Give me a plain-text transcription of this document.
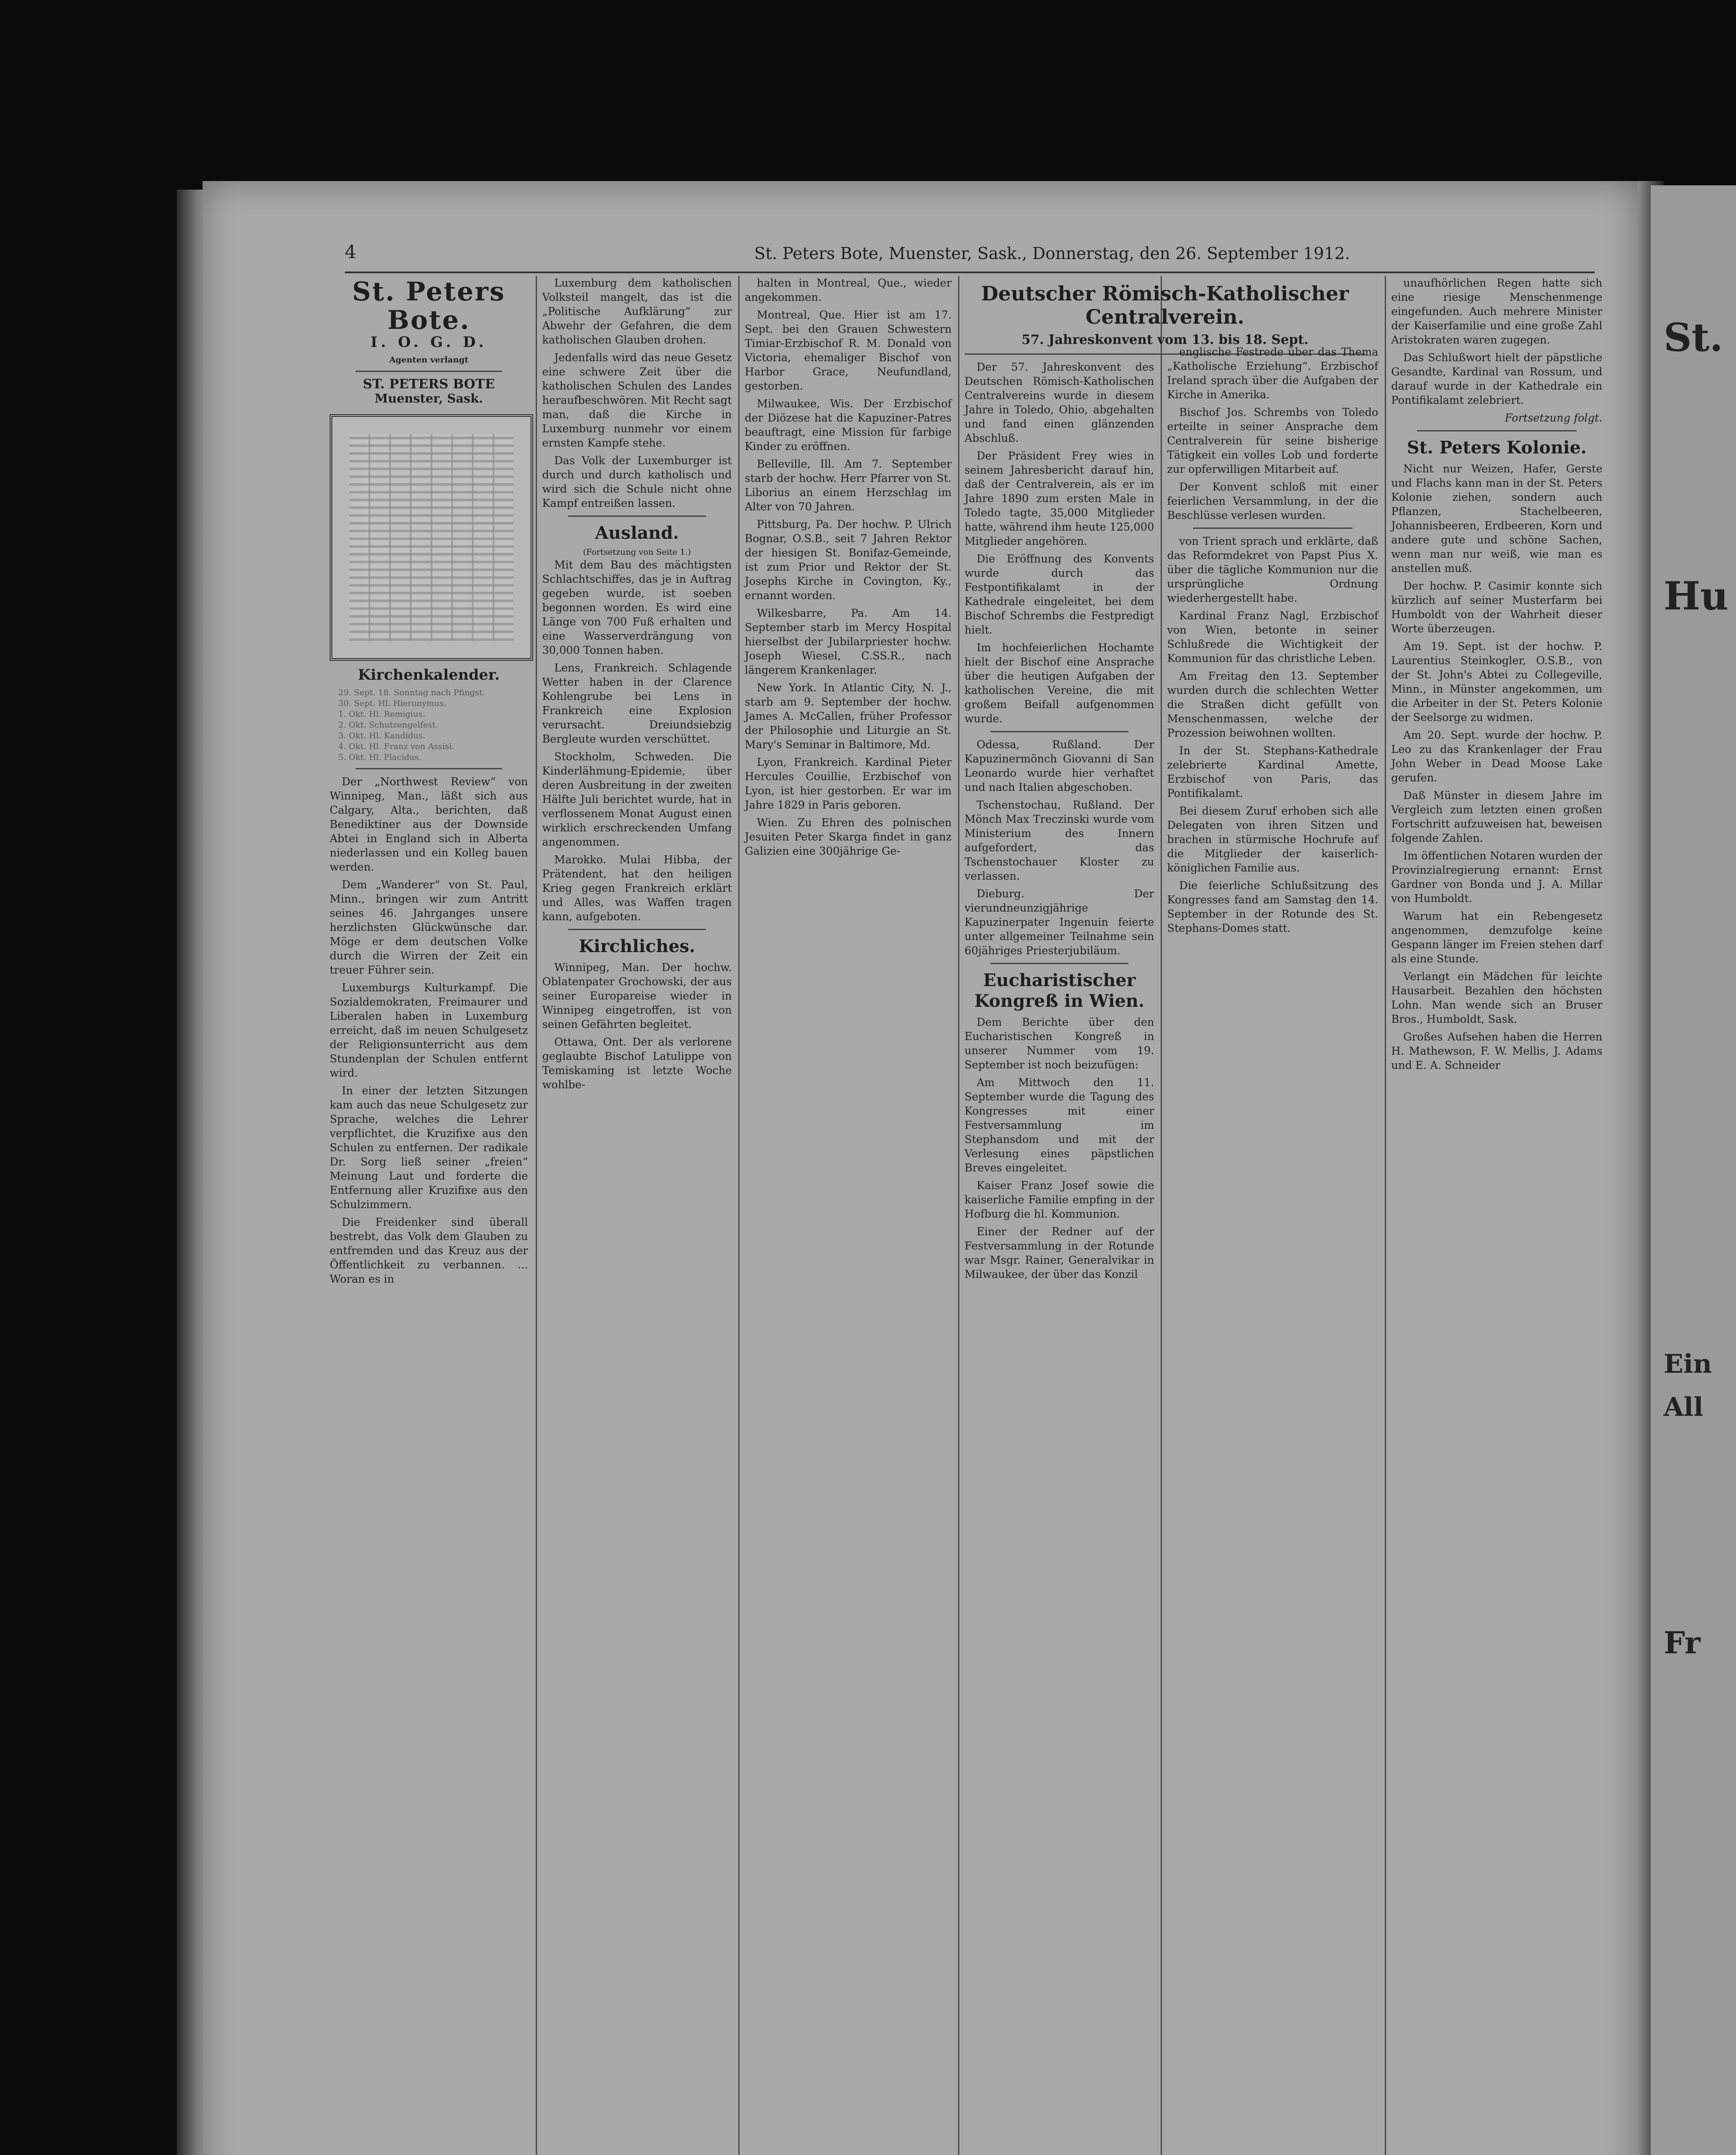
St.
Hu
Ein
All
Fr
4	St. Peters Bote, Muenster, Sask., Donnerstag, den 26. September 1912.
St. Peters Bote.
I. O. G. D.
Agenten verlangt
ST. PETERS BOTE
Muenster, Sask.
Kirchenkalender.
29. Sept. 18. Sonntag nach Pfingst.
30. Sept. Hl. Hieronymus.
1. Okt. Hl. Remigius.
2. Okt. Schutzengelfest.
3. Okt. Hl. Kandidus.
4. Okt. Hl. Franz von Assisi.
5. Okt. Hl. Placidus.

Der „Northwest Review“ von Winnipeg, Man., läßt sich aus Calgary, Alta., berichten, daß Benediktiner aus der Downside Abtei in England sich in Alberta niederlassen und ein Kolleg bauen werden.

Dem „Wanderer“ von St. Paul, Minn., bringen wir zum Antritt seines 46. Jahrganges unsere herzlichsten Glückwünsche dar. Möge er dem deutschen Volke durch die Wirren der Zeit ein treuer Führer sein.

Luxemburgs Kulturkampf. Die Sozialdemokraten, Freimaurer und Liberalen haben in Luxemburg erreicht, daß im neuen Schulgesetz der Religionsunterricht aus dem Stundenplan der Schulen entfernt wird.

In einer der letzten Sitzungen kam auch das neue Schulgesetz zur Sprache, welches die Lehrer verpflichtet, die Kruzifixe aus den Schulen zu entfernen. Der radikale Dr. Sorg ließ seiner „freien“ Meinung Laut und forderte die Entfernung aller Kruzifixe aus den Schulzimmern.

Die Freidenker sind überall bestrebt, das Volk dem Glauben zu entfremden und das Kreuz aus der Öffentlichkeit zu verbannen. ... Woran es in

Luxemburg dem katholischen Volksteil mangelt, das ist die „Politische Aufklärung“ zur Abwehr der Gefahren, die dem katholischen Glauben drohen.

Jedenfalls wird das neue Gesetz eine schwere Zeit über die katholischen Schulen des Landes heraufbeschwören. Mit Recht sagt man, daß die Kirche in Luxemburg nunmehr vor einem ernsten Kampfe stehe.

Das Volk der Luxemburger ist durch und durch katholisch und wird sich die Schule nicht ohne Kampf entreißen lassen.

Ausland.
(Fortsetzung von Seite 1.)

Mit dem Bau des mächtigsten Schlachtschiffes, das je in Auftrag gegeben wurde, ist soeben begonnen worden. Es wird eine Länge von 700 Fuß erhalten und eine Wasserverdrängung von 30,000 Tonnen haben.

Lens, Frankreich. Schlagende Wetter haben in der Clarence Kohlengrube bei Lens in Frankreich eine Explosion verursacht. Dreiundsiebzig Bergleute wurden verschüttet.

Stockholm, Schweden. Die Kinderlähmung-Epidemie, über deren Ausbreitung in der zweiten Hälfte Juli berichtet wurde, hat in verflossenem Monat August einen wirklich erschreckenden Umfang angenommen.

Marokko. Mulai Hibba, der Prätendent, hat den heiligen Krieg gegen Frankreich erklärt und Alles, was Waffen tragen kann, aufgeboten.

Kirchliches.

Winnipeg, Man. Der hochw. Oblatenpater Grochowski, der aus seiner Europareise wieder in Winnipeg eingetroffen, ist von seinen Gefährten begleitet.

Ottawa, Ont. Der als verlorene geglaubte Bischof Latulippe von Temiskaming ist letzte Woche wohlbe-

halten in Montreal, Que., wieder angekommen.

Montreal, Que. Hier ist am 17. Sept. bei den Grauen Schwestern Timiar-Erzbischof R. M. Donald von Victoria, ehemaliger Bischof von Harbor Grace, Neufundland, gestorben.

Milwaukee, Wis. Der Erzbischof der Diözese hat die Kapuziner-Patres beauftragt, eine Mission für farbige Kinder zu eröffnen.

Belleville, Ill. Am 7. September starb der hochw. Herr Pfarrer von St. Liborius an einem Herzschlag im Alter von 70 Jahren.

Pittsburg, Pa. Der hochw. P. Ulrich Bognar, O.S.B., seit 7 Jahren Rektor der hiesigen St. Bonifaz-Gemeinde, ist zum Prior und Rektor der St. Josephs Kirche in Covington, Ky., ernannt worden.

Wilkesbarre, Pa. Am 14. September starb im Mercy Hospital hierselbst der Jubilarpriester hochw. Joseph Wiesel, C.SS.R., nach längerem Krankenlager.

New York. In Atlantic City, N. J., starb am 9. September der hochw. James A. McCallen, früher Professor der Philosophie und Liturgie an St. Mary's Seminar in Baltimore, Md.

Lyon, Frankreich. Kardinal Pieter Hercules Couillie, Erzbischof von Lyon, ist hier gestorben. Er war im Jahre 1829 in Paris geboren.

Wien. Zu Ehren des polnischen Jesuiten Peter Skarga findet in ganz Galizien eine 300jährige Ge-

Deutscher Römisch-Katholischer Centralverein.
57. Jahreskonvent vom 13. bis 18. Sept.

Der 57. Jahreskonvent des Deutschen Römisch-Katholischen Centralvereins wurde in diesem Jahre in Toledo, Ohio, abgehalten und fand einen glänzenden Abschluß.

Der Präsident Frey wies in seinem Jahresbericht darauf hin, daß der Centralverein, als er im Jahre 1890 zum ersten Male in Toledo tagte, 35,000 Mitglieder hatte, während ihm heute 125,000 Mitglieder angehören.

Die Eröffnung des Konvents wurde durch das Festpontifikalamt in der Kathedrale eingeleitet, bei dem Bischof Schrembs die Festpredigt hielt.

Im hochfeierlichen Hochamte hielt der Bischof eine Ansprache über die heutigen Aufgaben der katholischen Vereine, die mit großem Beifall aufgenommen wurde.

Odessa, Rußland. Der Kapuzinermönch Giovanni di San Leonardo wurde hier verhaftet und nach Italien abgeschoben.

Tschenstochau, Rußland. Der Mönch Max Treczinski wurde vom Ministerium des Innern aufgefordert, das Tschenstochauer Kloster zu verlassen.

Dieburg. Der vierundneunzigjährige Kapuzinerpater Ingenuin feierte unter allgemeiner Teilnahme sein 60jähriges Priesterjubiläum.

Eucharistischer Kongreß in Wien.

Dem Berichte über den Eucharistischen Kongreß in unserer Nummer vom 19. September ist noch beizufügen:

Am Mittwoch den 11. September wurde die Tagung des Kongresses mit einer Festversammlung im Stephansdom und mit der Verlesung eines päpstlichen Breves eingeleitet.

Kaiser Franz Josef sowie die kaiserliche Familie empfing in der Hofburg die hl. Kommunion.

Einer der Redner auf der Festversammlung in der Rotunde war Msgr. Rainer, Generalvikar in Milwaukee, der über das Konzil

englische Festrede über das Thema „Katholische Erziehung“. Erzbischof Ireland sprach über die Aufgaben der Kirche in Amerika.

Bischof Jos. Schrembs von Toledo erteilte in seiner Ansprache dem Centralverein für seine bisherige Tätigkeit ein volles Lob und forderte zur opferwilligen Mitarbeit auf.

Der Konvent schloß mit einer feierlichen Versammlung, in der die Beschlüsse verlesen wurden.

von Trient sprach und erklärte, daß das Reformdekret von Papst Pius X. über die tägliche Kommunion nur die ursprüngliche Ordnung wiederhergestellt habe.

Kardinal Franz Nagl, Erzbischof von Wien, betonte in seiner Schlußrede die Wichtigkeit der Kommunion für das christliche Leben.

Am Freitag den 13. September wurden durch die schlechten Wetter die Straßen dicht gefüllt von Menschenmassen, welche der Prozession beiwohnen wollten.

In der St. Stephans-Kathedrale zelebrierte Kardinal Amette, Erzbischof von Paris, das Pontifikalamt.

Bei diesem Zuruf erhoben sich alle Delegaten von ihren Sitzen und brachen in stürmische Hochrufe auf die Mitglieder der kaiserlich-königlichen Familie aus.

Die feierliche Schlußsitzung des Kongresses fand am Samstag den 14. September in der Rotunde des St. Stephans-Domes statt.

unaufhörlichen Regen hatte sich eine riesige Menschenmenge eingefunden. Auch mehrere Minister der Kaiserfamilie und eine große Zahl Aristokraten waren zugegen.

Das Schlußwort hielt der päpstliche Gesandte, Kardinal van Rossum, und darauf wurde in der Kathedrale ein Pontifikalamt zelebriert.

Fortsetzung folgt.
St. Peters Kolonie.

Nicht nur Weizen, Hafer, Gerste und Flachs kann man in der St. Peters Kolonie ziehen, sondern auch Pflanzen, Stachelbeeren, Johannisbeeren, Erdbeeren, Korn und andere gute und schöne Sachen, wenn man nur weiß, wie man es anstellen muß.

Der hochw. P. Casimir konnte sich kürzlich auf seiner Musterfarm bei Humboldt von der Wahrheit dieser Worte überzeugen.

Am 19. Sept. ist der hochw. P. Laurentius Steinkogler, O.S.B., von der St. John's Abtei zu Collegeville, Minn., in Münster angekommen, um die Arbeiter in der St. Peters Kolonie der Seelsorge zu widmen.

Am 20. Sept. wurde der hochw. P. Leo zu das Krankenlager der Frau John Weber in Dead Moose Lake gerufen.

Daß Münster in diesem Jahre im Vergleich zum letzten einen großen Fortschritt aufzuweisen hat, beweisen folgende Zahlen.

Im öffentlichen Notaren wurden der Provinzialregierung ernannt: Ernst Gardner von Bonda und J. A. Millar von Humboldt.

Warum hat ein Rebengesetz angenommen, demzufolge keine Gespann länger im Freien stehen darf als eine Stunde.

Verlangt ein Mädchen für leichte Hausarbeit. Bezahlen den höchsten Lohn. Man wende sich an Bruser Bros., Humboldt, Sask.

Großes Aufsehen haben die Herren H. Mathewson, F. W. Mellis, J. Adams und E. A. Schneider
